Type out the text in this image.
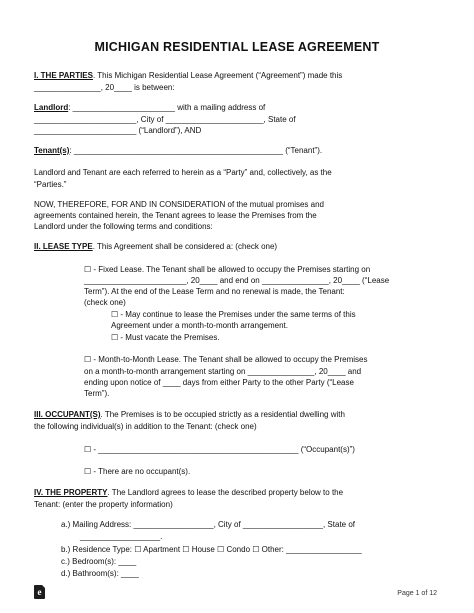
MICHIGAN RESIDENTIAL LEASE AGREEMENT
I. THE PARTIES. This Michigan Residential Lease Agreement (“Agreement”) made this
_______________, 20____ is between:
Landlord: _______________________ with a mailing address of
_______________________, City of ______________________, State of
_______________________ (“Landlord”), AND
Tenant(s): _______________________________________________ (“Tenant”).
Landlord and Tenant are each referred to herein as a “Party” and, collectively, as the
“Parties.”
NOW, THEREFORE, FOR AND IN CONSIDERATION of the mutual promises and
agreements contained herein, the Tenant agrees to lease the Premises from the
Landlord under the following terms and conditions:
II. LEASE TYPE. This Agreement shall be considered a: (check one)
☐ - Fixed Lease. The Tenant shall be allowed to occupy the Premises starting on
_______________________, 20____ and end on _______________, 20____ (“Lease
Term”). At the end of the Lease Term and no renewal is made, the Tenant:
(check one)
☐ - May continue to lease the Premises under the same terms of this
Agreement under a month-to-month arrangement.
☐ - Must vacate the Premises.
☐ - Month-to-Month Lease. The Tenant shall be allowed to occupy the Premises
on a month-to-month arrangement starting on _______________, 20____ and
ending upon notice of ____ days from either Party to the other Party (“Lease
Term”).
III. OCCUPANT(S). The Premises is to be occupied strictly as a residential dwelling with
the following individual(s) in addition to the Tenant: (check one)
☐ - _____________________________________________ (“Occupant(s)”)
☐ - There are no occupant(s).
IV. THE PROPERTY. The Landlord agrees to lease the described property below to the
Tenant: (enter the property information)
a.) Mailing Address: __________________, City of __________________, State of
__________________.
b.) Residence Type: ☐ Apartment ☐ House ☐ Condo ☐ Other: _________________
c.) Bedroom(s): ____
d.) Bathroom(s): ____
e	Page 1 of 12
